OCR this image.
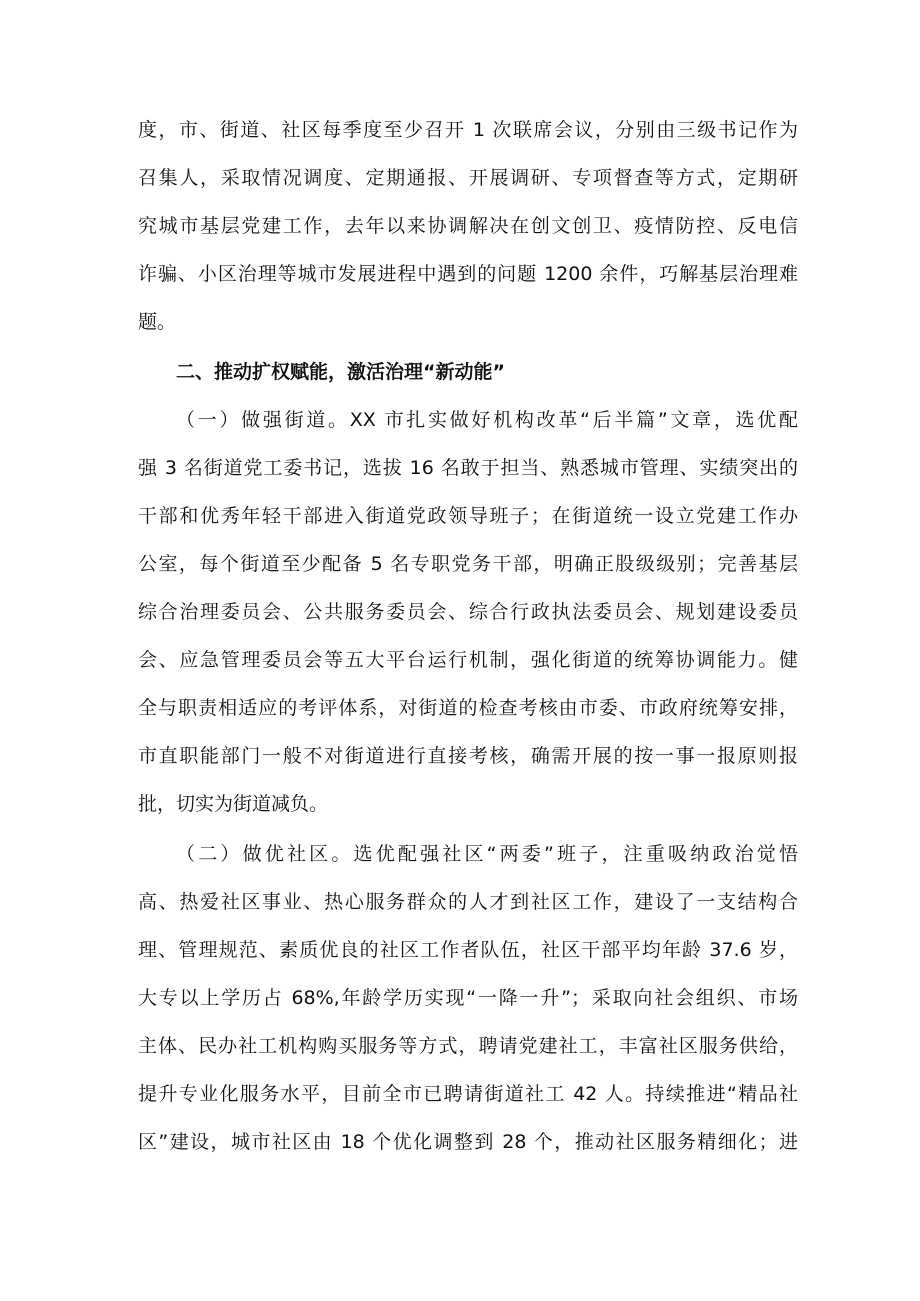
度，市、街道、社区每季度至少召开 1 次联席会议，分别由三级书记作为
召集人，采取情况调度、定期通报、开展调研、专项督查等方式，定期研
究城市基层党建工作，去年以来协调解决在创文创卫、疫情防控、反电信
诈骗、小区治理等城市发展进程中遇到的问题 1200 余件，巧解基层治理难
题。
二、推动扩权赋能，激活治理“新动能”
（一）做强街道。XX 市扎实做好机构改革“后半篇”文章，选优配
强 3 名街道党工委书记，选拔 16 名敢于担当、熟悉城市管理、实绩突出的
干部和优秀年轻干部进入街道党政领导班子；在街道统一设立党建工作办
公室，每个街道至少配备 5 名专职党务干部，明确正股级级别；完善基层
综合治理委员会、公共服务委员会、综合行政执法委员会、规划建设委员
会、应急管理委员会等五大平台运行机制，强化街道的统筹协调能力。健
全与职责相适应的考评体系，对街道的检查考核由市委、市政府统筹安排，
市直职能部门一般不对街道进行直接考核，确需开展的按一事一报原则报
批，切实为街道减负。
（二）做优社区。选优配强社区“两委”班子，注重吸纳政治觉悟
高、热爱社区事业、热心服务群众的人才到社区工作，建设了一支结构合
理、管理规范、素质优良的社区工作者队伍，社区干部平均年龄 37.6 岁，
大专以上学历占 68%,年龄学历实现“一降一升”；采取向社会组织、市场
主体、民办社工机构购买服务等方式，聘请党建社工，丰富社区服务供给，
提升专业化服务水平，目前全市已聘请街道社工 42 人。持续推进“精品社
区”建设，城市社区由 18 个优化调整到 28 个，推动社区服务精细化；进
